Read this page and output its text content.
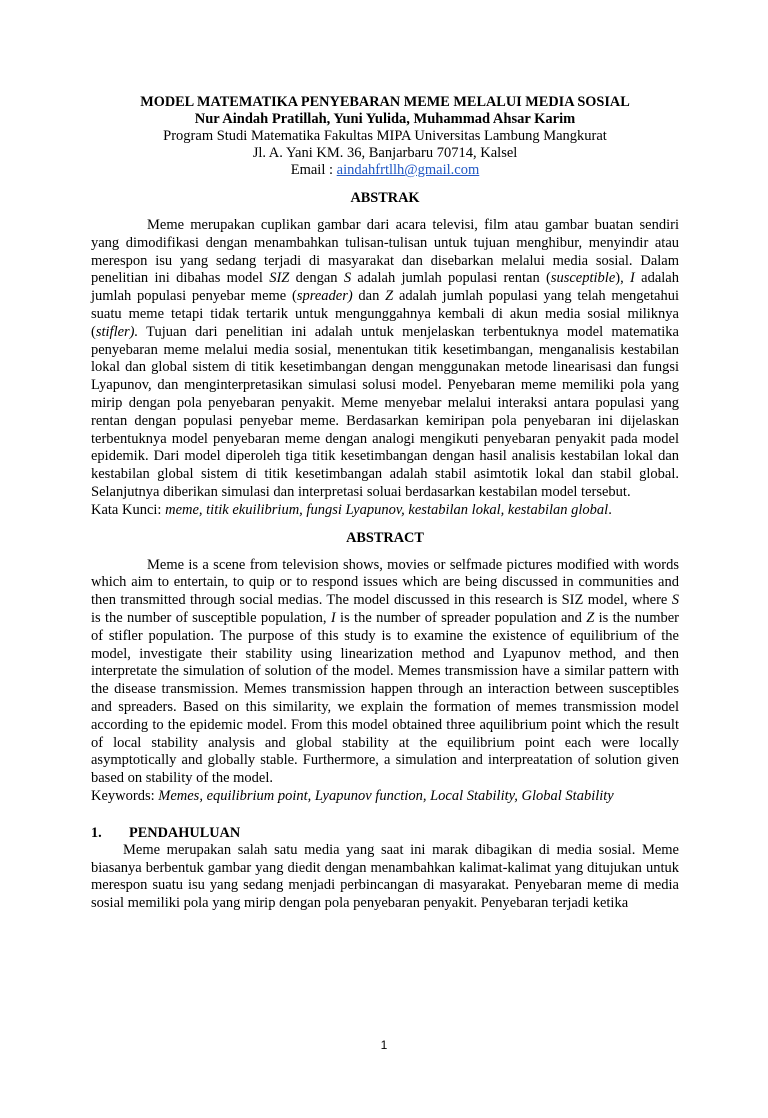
MODEL MATEMATIKA PENYEBARAN MEME MELALUI MEDIA SOSIAL
Nur Aindah Pratillah, Yuni Yulida, Muhammad Ahsar Karim
Program Studi Matematika Fakultas MIPA Universitas Lambung Mangkurat
Jl. A. Yani KM. 36, Banjarbaru 70714, Kalsel
Email : aindahfrtllh@gmail.com
ABSTRAK

Meme merupakan cuplikan gambar dari acara televisi, film atau gambar buatan sendiri yang dimodifikasi dengan menambahkan tulisan-tulisan untuk tujuan menghibur, menyindir atau merespon isu yang sedang terjadi di masyarakat dan disebarkan melalui media sosial. Dalam penelitian ini dibahas model SIZ dengan S adalah jumlah populasi rentan (susceptible), I adalah jumlah populasi penyebar meme (spreader) dan Z adalah jumlah populasi yang telah mengetahui suatu meme tetapi tidak tertarik untuk mengunggahnya kembali di akun media sosial miliknya (stifler). Tujuan dari penelitian ini adalah untuk menjelaskan terbentuknya model matematika penyebaran meme melalui media sosial, menentukan titik kesetimbangan, menganalisis kestabilan lokal dan global sistem di titik kesetimbangan dengan menggunakan metode linearisasi dan fungsi Lyapunov, dan menginterpretasikan simulasi solusi model. Penyebaran meme memiliki pola yang mirip dengan pola penyebaran penyakit. Meme menyebar melalui interaksi antara populasi yang rentan dengan populasi penyebar meme. Berdasarkan kemiripan pola penyebaran ini dijelaskan terbentuknya model penyebaran meme dengan analogi mengikuti penyebaran penyakit pada model epidemik. Dari model diperoleh tiga titik kesetimbangan dengan hasil analisis kestabilan lokal dan kestabilan global sistem di titik kesetimbangan adalah stabil asimtotik lokal dan stabil global. Selanjutnya diberikan simulasi dan interpretasi soluai berdasarkan kestabilan model tersebut.

Kata Kunci: meme, titik ekuilibrium, fungsi Lyapunov, kestabilan lokal, kestabilan global.

ABSTRACT

Meme is a scene from television shows, movies or selfmade pictures modified with words which aim to entertain, to quip or to respond issues which are being discussed in communities and then transmitted through social medias. The model discussed in this research is SIZ model, where S is the number of susceptible population, I is the number of spreader population and Z is the number of stifler population. The purpose of this study is to examine the existence of equilibrium of the model, investigate their stability using linearization method and Lyapunov method, and then interpretate the simulation of solution of the model. Memes transmission have a similar pattern with the disease transmission. Memes transmission happen through an interaction between susceptibles and spreaders. Based on this similarity, we explain the formation of memes transmission model according to the epidemic model. From this model obtained three aquilibrium point which the result of local stability analysis and global stability at the equilibrium point each were locally asymptotically and globally stable. Furthermore, a simulation and interpreatation of solution given based on stability of the model.

Keywords: Memes, equilibrium point, Lyapunov function, Local Stability, Global Stability

1. PENDAHULUAN

Meme merupakan salah satu media yang saat ini marak dibagikan di media sosial. Meme biasanya berbentuk gambar yang diedit dengan menambahkan kalimat-kalimat yang ditujukan untuk merespon suatu isu yang sedang menjadi perbincangan di masyarakat. Penyebaran meme di media sosial memiliki pola yang mirip dengan pola penyebaran penyakit. Penyebaran terjadi ketika

1
